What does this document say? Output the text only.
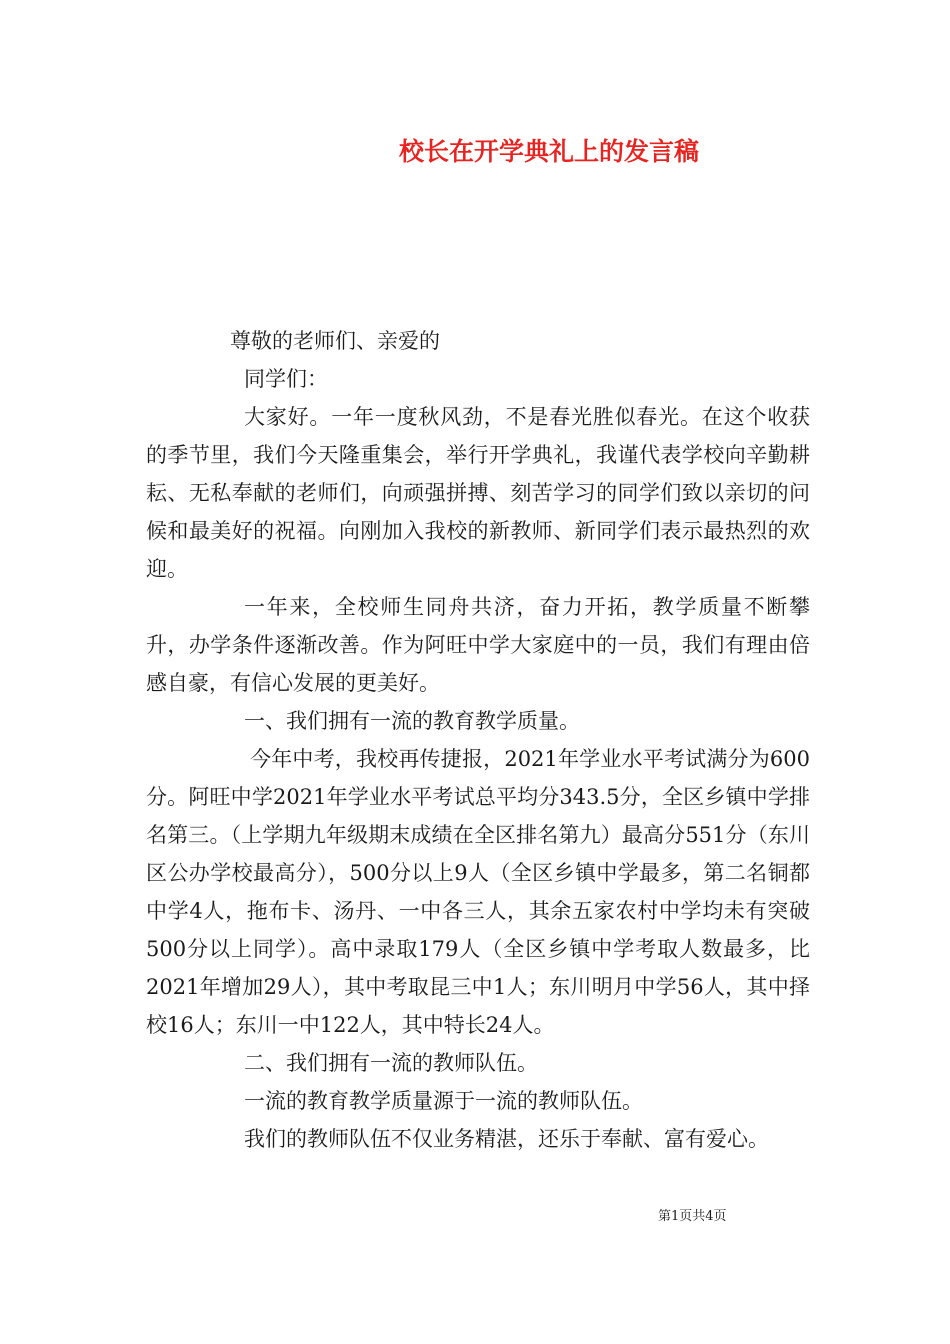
校长在开学典礼上的发言稿

尊敬的老师们、亲爱的

同学们：

大家好。一年一度秋风劲，不是春光胜似春光。在这个收获的季节里，我们今天隆重集会，举行开学典礼，我谨代表学校向辛勤耕耘、无私奉献的老师们，向顽强拼搏、刻苦学习的同学们致以亲切的问候和最美好的祝福。向刚加入我校的新教师、新同学们表示最热烈的欢迎。

一年来，全校师生同舟共济，奋力开拓，教学质量不断攀升，办学条件逐渐改善。作为阿旺中学大家庭中的一员，我们有理由倍感自豪，有信心发展的更美好。

一、我们拥有一流的教育教学质量。

今年中考，我校再传捷报，2021年学业水平考试满分为600分。阿旺中学2021年学业水平考试总平均分343.5分，全区乡镇中学排名第三。（上学期九年级期末成绩在全区排名第九）最高分551分（东川区公办学校最高分），500分以上9人（全区乡镇中学最多，第二名铜都中学4人，拖布卡、汤丹、一中各三人，其余五家农村中学均未有突破500分以上同学）。高中录取179人（全区乡镇中学考取人数最多，比2021年增加29人），其中考取昆三中1人；东川明月中学56人，其中择校16人；东川一中122人，其中特长24人。

二、我们拥有一流的教师队伍。

一流的教育教学质量源于一流的教师队伍。

我们的教师队伍不仅业务精湛，还乐于奉献、富有爱心。

第1页共4页
